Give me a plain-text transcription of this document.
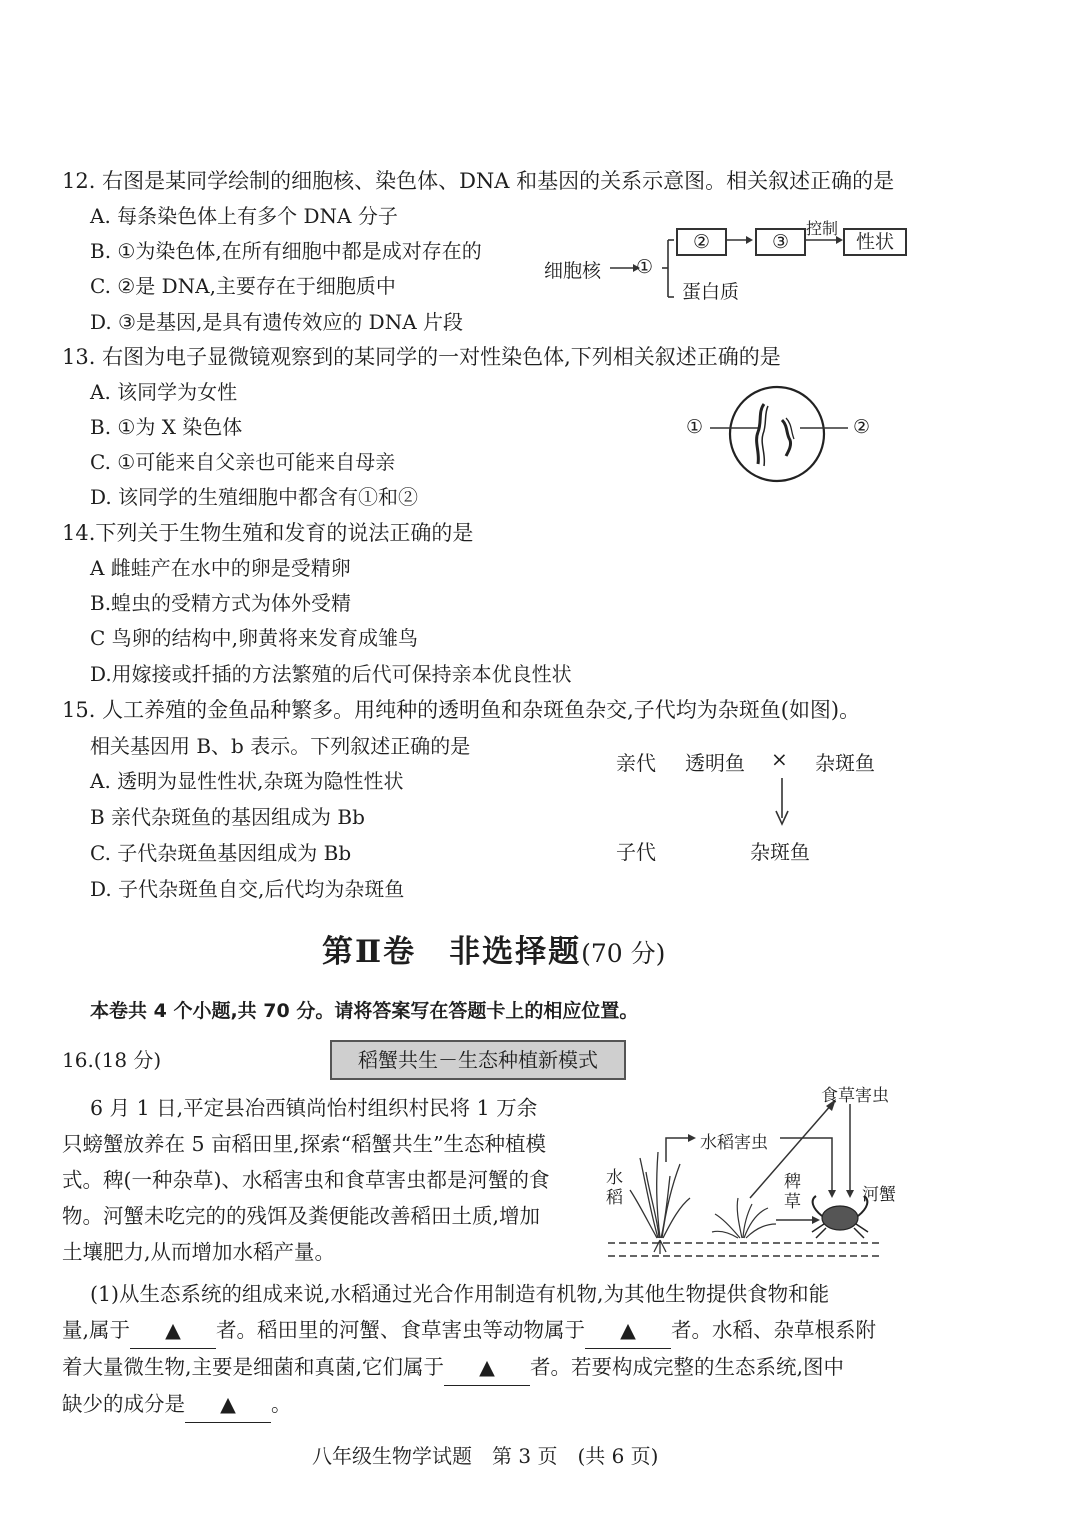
12. 右图是某同学绘制的细胞核、染色体、DNA 和基因的关系示意图。相关叙述正确的是
A. 每条染色体上有多个 DNA 分子
B. ①为染色体,在所有细胞中都是成对存在的
C. ②是 DNA,主要存在于细胞质中
D. ③是基因,是具有遗传效应的 DNA 片段
细胞核 ①
②	③
控制
性状
蛋白质
13. 右图为电子显微镜观察到的某同学的一对性染色体,下列相关叙述正确的是
A. 该同学为女性
B. ①为 X 染色体
C. ①可能来自父亲也可能来自母亲
D. 该同学的生殖细胞中都含有①和②
①	②
14.下列关于生物生殖和发育的说法正确的是
A 雌蛙产在水中的卵是受精卵
B.蝗虫的受精方式为体外受精
C 鸟卵的结构中,卵黄将来发育成雏鸟
D.用嫁接或扦插的方法繁殖的后代可保持亲本优良性状
15. 人工养殖的金鱼品种繁多。用纯种的透明鱼和杂斑鱼杂交,子代均为杂斑鱼(如图)。
相关基因用 B、b 表示。下列叙述正确的是
A. 透明为显性性状,杂斑为隐性性状
B 亲代杂斑鱼的基因组成为 Bb
C. 子代杂斑鱼基因组成为 Bb
D. 子代杂斑鱼自交,后代均为杂斑鱼
亲代 透明鱼 × 杂斑鱼
子代	杂斑鱼
第Ⅱ卷　非选择题(70 分)
本卷共 4 个小题,共 70 分。请将答案写在答题卡上的相应位置。
16.(18 分)	稻蟹共生－生态种植新模式
6 月 1 日,平定县冶西镇尚怡村组织村民将 1 万余
只螃蟹放养在 5 亩稻田里,探索“稻蟹共生”生态种植模
式。稗(一种杂草)、水稻害虫和食草害虫都是河蟹的食
物。河蟹未吃完的的残饵及粪便能改善稻田土质,增加
土壤肥力,从而增加水稻产量。
食草害虫
水稻害虫
水
稻
稗
草	河蟹
(1)从生态系统的组成来说,水稻通过光合作用制造有机物,为其他生物提供食物和能
量,属于 ▲ 者。稻田里的河蟹、食草害虫等动物属于 ▲ 者。水稻、杂草根系附
着大量微生物,主要是细菌和真菌,它们属于 ▲ 者。若要构成完整的生态系统,图中
缺少的成分是 ▲ 。
八年级生物学试题　第 3 页　(共 6 页)
